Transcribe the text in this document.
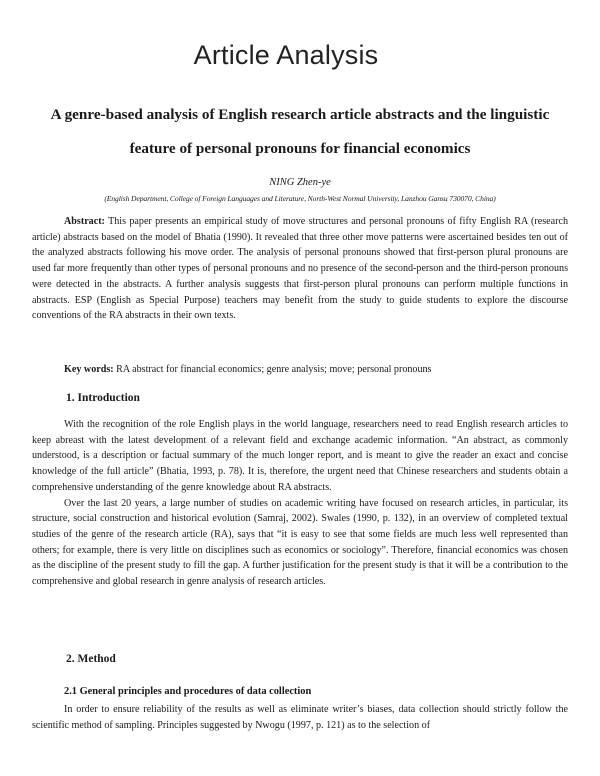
Article Analysis
A genre-based analysis of English research article abstracts and the linguistic feature of personal pronouns for financial economics
NING Zhen-ye
(English Department, College of Foreign Languages and Literature, North-West Normal University, Lanzhou Gansu 730070, China)
Abstract: This paper presents an empirical study of move structures and personal pronouns of fifty English RA (research article) abstracts based on the model of Bhatia (1990). It revealed that three other move patterns were ascertained besides ten out of the analyzed abstracts following his move order. The analysis of personal pronouns showed that first-person plural pronouns are used far more frequently than other types of personal pronouns and no presence of the second-person and the third-person pronouns were detected in the abstracts. A further analysis suggests that first-person plural pronouns can perform multiple functions in abstracts. ESP (English as Special Purpose) teachers may benefit from the study to guide students to explore the discourse conventions of the RA abstracts in their own texts.
Key words: RA abstract for financial economics; genre analysis; move; personal pronouns
1. Introduction

With the recognition of the role English plays in the world language, researchers need to read English research articles to keep abreast with the latest development of a relevant field and exchange academic information. “An abstract, as commonly understood, is a description or factual summary of the much longer report, and is meant to give the reader an exact and concise knowledge of the full article” (Bhatia, 1993, p. 78). It is, therefore, the urgent need that Chinese researchers and students obtain a comprehensive understanding of the genre knowledge about RA abstracts.

Over the last 20 years, a large number of studies on academic writing have focused on research articles, in particular, its structure, social construction and historical evolution (Samraj, 2002). Swales (1990, p. 132), in an overview of completed textual studies of the genre of the research article (RA), says that “it is easy to see that some fields are much less well represented than others; for example, there is very little on disciplines such as economics or sociology”. Therefore, financial economics was chosen as the discipline of the present study to fill the gap. A further justification for the present study is that it will be a contribution to the comprehensive and global research in genre analysis of research articles.

2. Method
2.1 General principles and procedures of data collection

In order to ensure reliability of the results as well as eliminate writer’s biases, data collection should strictly follow the scientific method of sampling. Principles suggested by Nwogu (1997, p. 121) as to the selection of
